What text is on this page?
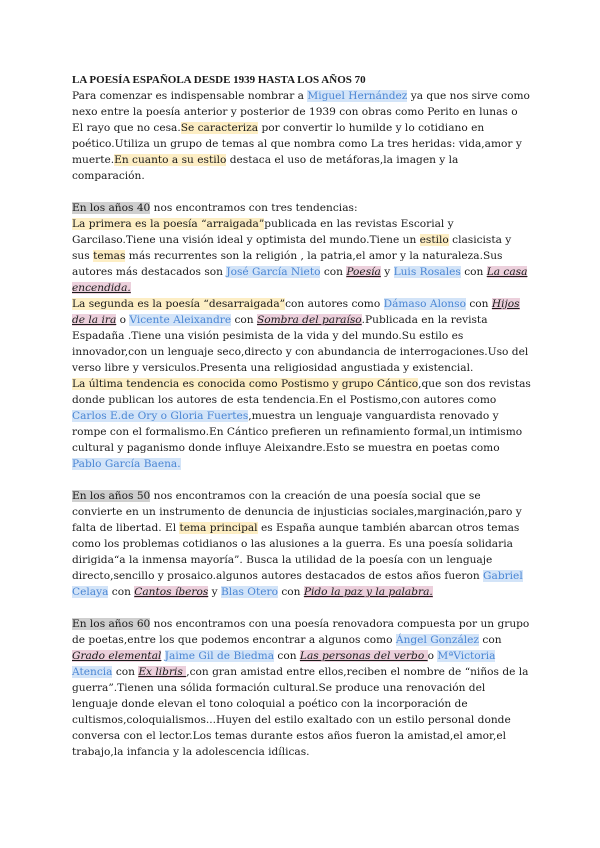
LA POESÍA ESPAÑOLA DESDE 1939 HASTA LOS AÑOS 70

Para comenzar es indispensable nombrar a Miguel Hernández ya que nos sirve como nexo entre la poesía anterior y posterior de 1939 con obras como Perito en lunas o El rayo que no cesa.Se caracteriza por convertir lo humilde y lo cotidiano en poético.Utiliza un grupo de temas al que nombra como La tres heridas: vida,amor y muerte.En cuanto a su estilo destaca el uso de metáforas,la imagen y la comparación.

En los años 40 nos encontramos con tres tendencias:

La primera es la poesía “arraigada”publicada en las revistas Escorial y Garcilaso.Tiene una visión ideal y optimista del mundo.Tiene un estilo clasicista y sus temas más recurrentes son la religión , la patria,el amor y la naturaleza.Sus autores más destacados son José García Nieto con Poesía y Luis Rosales con La casa encendida.

La segunda es la poesía “desarraigada”con autores como Dámaso Alonso con Hijos de la ira o Vicente Aleixandre con Sombra del paraíso.Publicada en la revista Espadaña .Tiene una visión pesimista de la vida y del mundo.Su estilo es innovador,con un lenguaje seco,directo y con abundancia de interrogaciones.Uso del verso libre y versiculos.Presenta una religiosidad angustiada y existencial.

La última tendencia es conocida como Postismo y grupo Cántico,que son dos revistas donde publican los autores de esta tendencia.En el Postismo,con autores como Carlos E.de Ory o Gloria Fuertes,muestra un lenguaje vanguardista renovado y rompe con el formalismo.En Cántico prefieren un refinamiento formal,un intimismo cultural y paganismo donde influye Aleixandre.Esto se muestra en poetas como Pablo García Baena.

En los años 50 nos encontramos con la creación de una poesía social que se convierte en un instrumento de denuncia de injusticias sociales,marginación,paro y falta de libertad. El tema principal es España aunque también abarcan otros temas como los problemas cotidianos o las alusiones a la guerra. Es una poesía solidaria dirigida“a la inmensa mayoría”. Busca la utilidad de la poesía con un lenguaje directo,sencillo y prosaico.algunos autores destacados de estos años fueron Gabriel Celaya con Cantos íberos y Blas Otero con Pido la paz y la palabra.

En los años 60 nos encontramos con una poesía renovadora compuesta por un grupo de poetas,entre los que podemos encontrar a algunos como Ángel González con Grado elemental Jaime Gil de Biedma con Las personas del verbo o MªVictoria Atencia con Ex libris ,con gran amistad entre ellos,reciben el nombre de “niños de la guerra”.Tienen una sólida formación cultural.Se produce una renovación del lenguaje donde elevan el tono coloquial a poético con la incorporación de cultismos,coloquialismos...Huyen del estilo exaltado con un estilo personal donde conversa con el lector.Los temas durante estos años fueron la amistad,el amor,el trabajo,la infancia y la adolescencia idílicas.
